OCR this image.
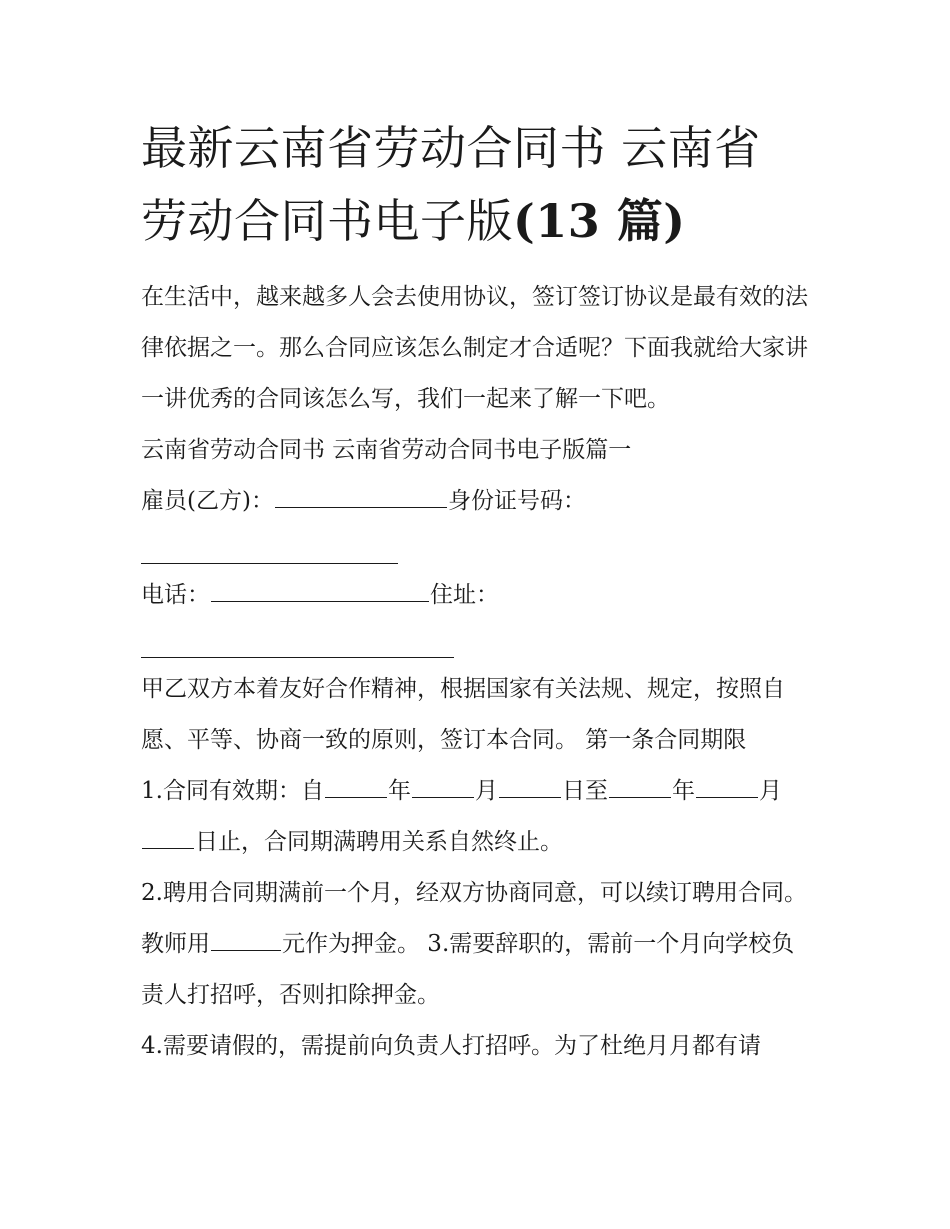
最新云南省劳动合同书 云南省
劳动合同书电子版(13 篇)

在生活中，越来越多人会去使用协议，签订签订协议是最有效的法律依据之一。那么合同应该怎么制定才合适呢？下面我就给大家讲一讲优秀的合同该怎么写，我们一起来了解一下吧。

云南省劳动合同书 云南省劳动合同书电子版篇一

雇员(乙方)：	身份证号码：

电话：	住址：

甲乙双方本着友好合作精神，根据国家有关法规、规定，按照自愿、平等、协商一致的原则，签订本合同。 第一条合同期限

1.合同有效期：自	年	月	日至	年	月日止，合同期满聘用关系自然终止。

2.聘用合同期满前一个月，经双方协商同意，可以续订聘用合同。教师用	元作为押金。 3.需要辞职的，需前一个月向学校负责人打招呼，否则扣除押金。

4.需要请假的，需提前向负责人打招呼。为了杜绝月月都有请
